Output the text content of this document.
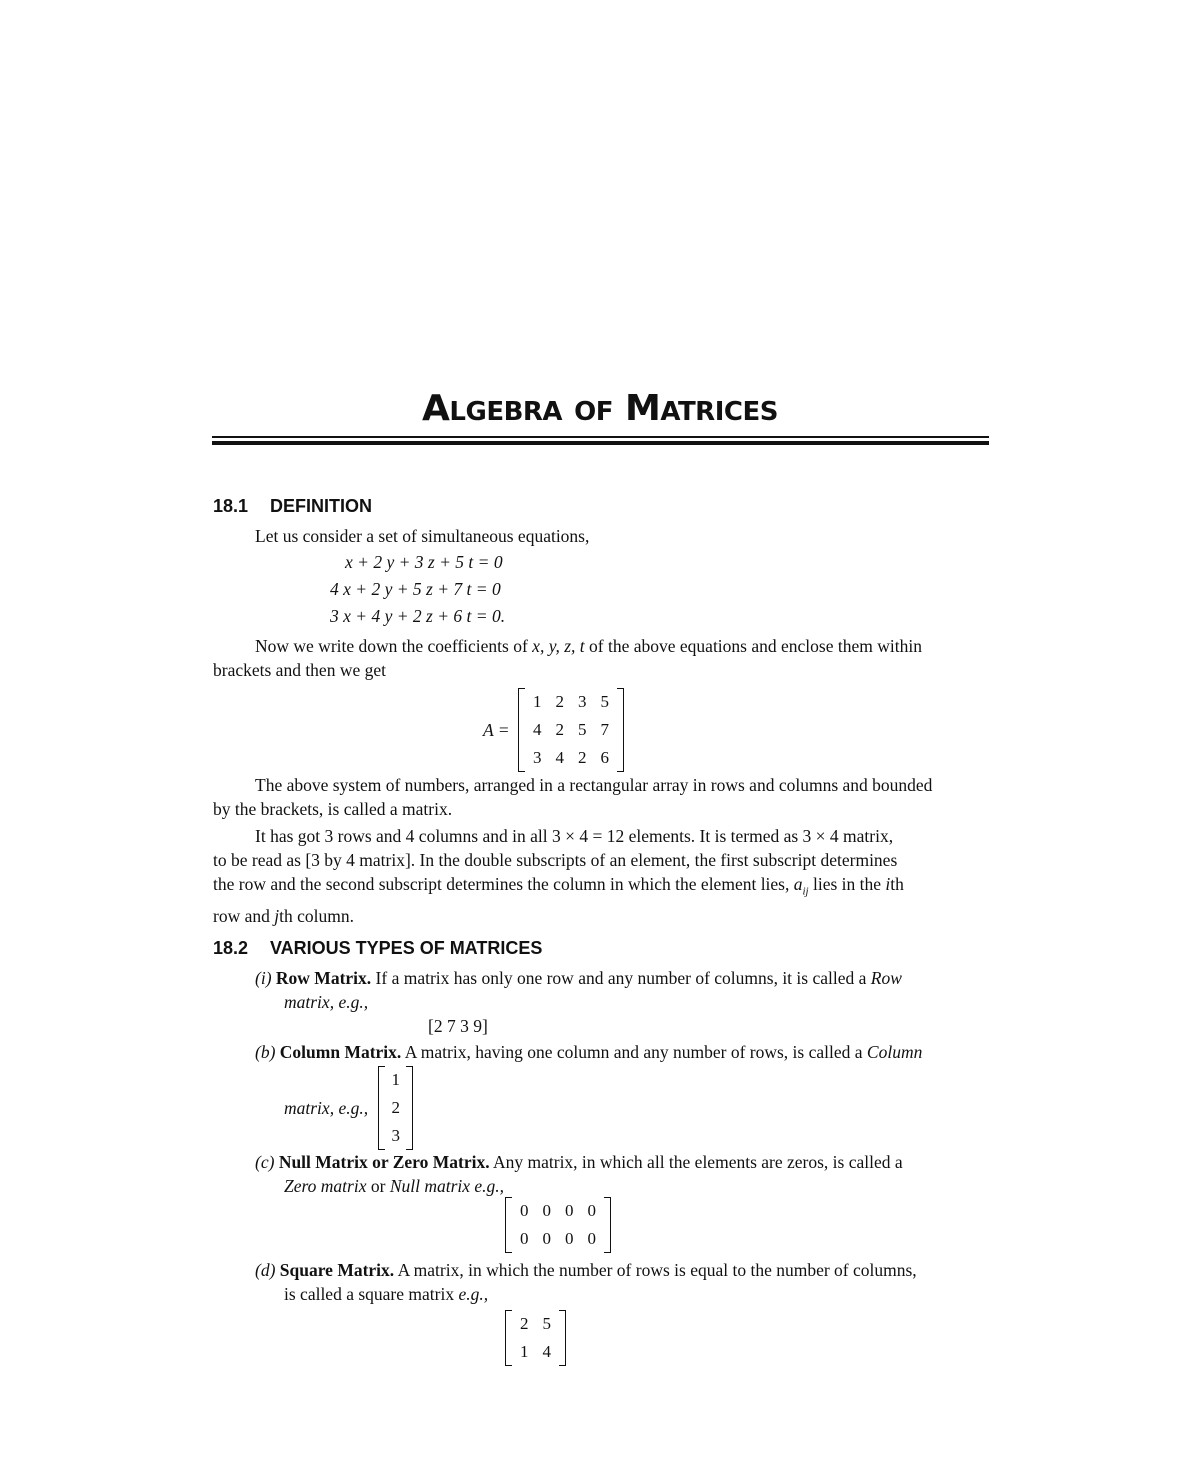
ALGEBRA OF MATRICES
18.1 DEFINITION

Let us consider a set of simultaneous equations,

x + 2 y + 3 z + 5 t = 0
4 x + 2 y + 5 z + 7 t = 0
3 x + 4 y + 2 z + 6 t = 0.
Now we write down the coefficients of x, y, z, t of the above equations and enclose them within
brackets and then we get
A = 1	2	3	5
4	2	5	7
3	4	2	6
The above system of numbers, arranged in a rectangular array in rows and columns and bounded
by the brackets, is called a matrix.
It has got 3 rows and 4 columns and in all 3 × 4 = 12 elements. It is termed as 3 × 4 matrix,
to be read as [3 by 4 matrix]. In the double subscripts of an element, the first subscript determines
the row and the second subscript determines the column in which the element lies, $a_{ij}$ lies in the ith
row and jth column.
18.2 VARIOUS TYPES OF MATRICES
(i) Row Matrix. If a matrix has only one row and any number of columns, it is called a Row
matrix, e.g.,
[2 7 3 9]
(b) Column Matrix. A matrix, having one column and any number of rows, is called a Column
matrix, e.g., 1
2
3
(c) Null Matrix or Zero Matrix. Any matrix, in which all the elements are zeros, is called a
Zero matrix or Null matrix e.g.,
0	0	0	0
0	0	0	0
(d) Square Matrix. A matrix, in which the number of rows is equal to the number of columns,
is called a square matrix e.g.,
2	5
1	4
